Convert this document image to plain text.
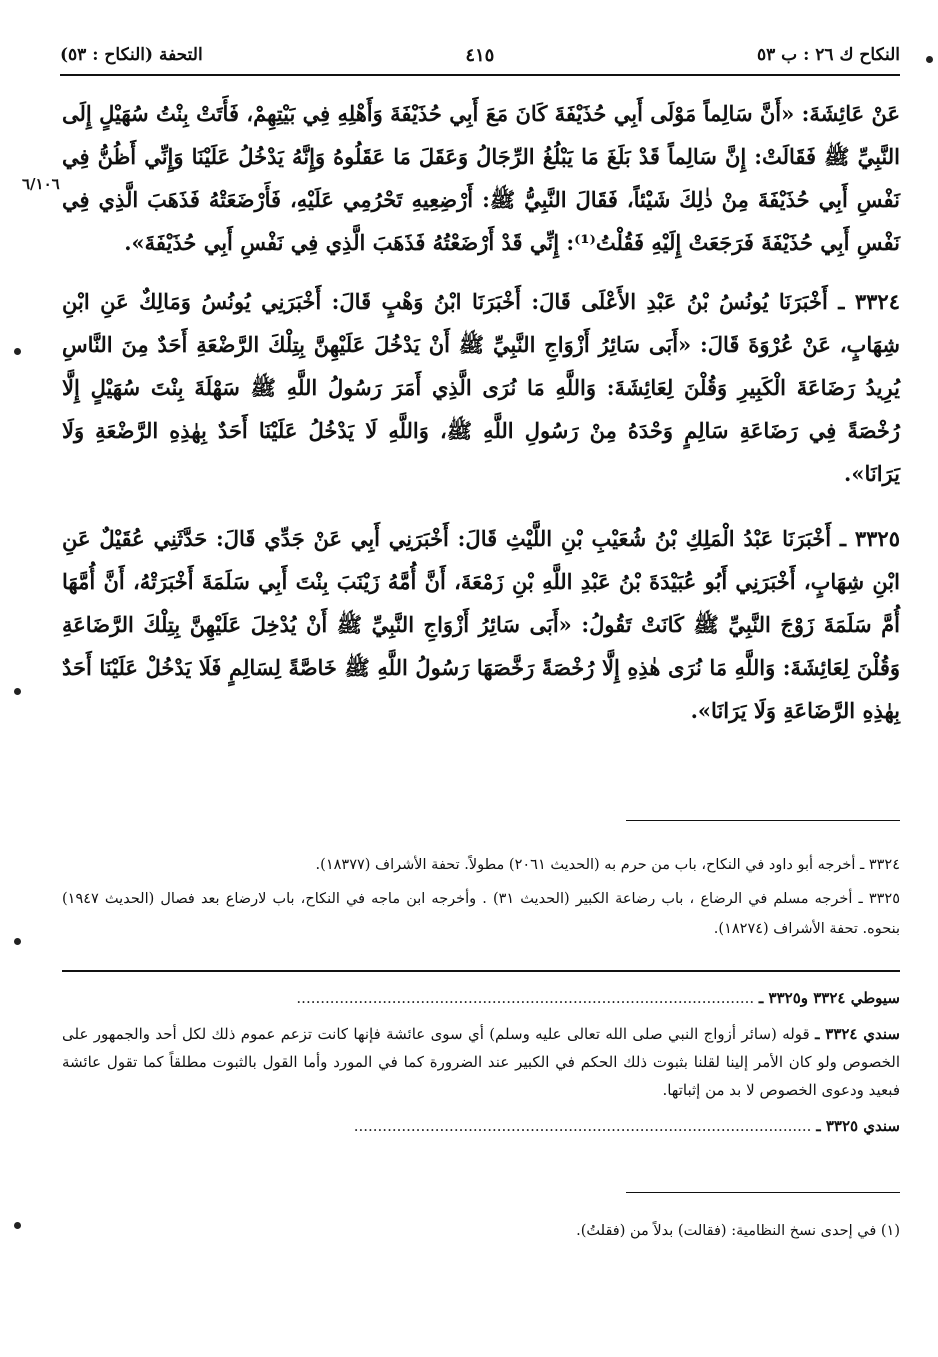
النكاح ك ٢٦ : ب ٥٣
٤١٥
التحفة (النكاح : ٥٣)
٦/١٠٦

عَنْ عَائِشَةَ: «أَنَّ سَالِماً مَوْلَى أَبِي حُذَيْفَةَ كَانَ مَعَ أَبِي حُذَيْفَةَ وَأَهْلِهِ فِي بَيْتِهِمْ، فَأَتَتْ بِنْتُ سُهَيْلٍ إِلَى النَّبِيِّ ﷺ فَقَالَتْ: إِنَّ سَالِماً قَدْ بَلَغَ مَا يَبْلُغُ الرِّجَالُ وَعَقَلَ مَا عَقَلُوهُ وَإِنَّهُ يَدْخُلُ عَلَيْنَا وَإِنِّي أَظُنُّ فِي نَفْسِ أَبِي حُذَيْفَةَ مِنْ ذٰلِكَ شَيْئاً، فَقَالَ النَّبِيُّ ﷺ: أَرْضِعِيهِ تَحْرُمِي عَلَيْهِ، فَأَرْضَعَتْهُ فَذَهَبَ الَّذِي فِي نَفْسِ أَبِي حُذَيْفَةَ فَرَجَعَتْ إِلَيْهِ فَقُلْتُ⁽¹⁾: إِنِّي قَدْ أَرْضَعْتُهُ فَذَهَبَ الَّذِي فِي نَفْسِ أَبِي حُذَيْفَةَ».

٣٣٢٤ ـ أَخْبَرَنَا يُونُسُ بْنُ عَبْدِ الأَعْلَى قَالَ: أَخْبَرَنَا ابْنُ وَهْبٍ قَالَ: أَخْبَرَنِي يُونُسُ وَمَالِكٌ عَنِ ابْنِ شِهَابٍ، عَنْ عُرْوَةَ قَالَ: «أَبَى سَائِرُ أَزْوَاجِ النَّبِيِّ ﷺ أَنْ يَدْخُلَ عَلَيْهِنَّ بِتِلْكَ الرَّضْعَةِ أَحَدٌ مِنَ النَّاسِ يُرِيدُ رَضَاعَةَ الْكَبِيرِ وَقُلْنَ لِعَائِشَةَ: وَاللَّهِ مَا نُرَى الَّذِي أَمَرَ رَسُولُ اللَّهِ ﷺ سَهْلَةَ بِنْتَ سُهَيْلٍ إِلَّا رُخْصَةً فِي رَضَاعَةِ سَالِمٍ وَحْدَهُ مِنْ رَسُولِ اللَّهِ ﷺ، وَاللَّهِ لَا يَدْخُلُ عَلَيْنَا أَحَدٌ بِهٰذِهِ الرَّضْعَةِ وَلَا يَرَانَا».

٣٣٢٥ ـ أَخْبَرَنَا عَبْدُ الْمَلِكِ بْنُ شُعَيْبِ بْنِ اللَّيْثِ قَالَ: أَخْبَرَنِي أَبِي عَنْ جَدِّي قَالَ: حَدَّثَنِي عُقَيْلٌ عَنِ ابْنِ شِهَابٍ، أَخْبَرَنِي أَبُو عُبَيْدَةَ بْنُ عَبْدِ اللَّهِ بْنِ زَمْعَةَ، أَنَّ أُمَّهُ زَيْنَبَ بِنْتَ أَبِي سَلَمَةَ أَخْبَرَتْهُ، أَنَّ أُمَّهَا أُمَّ سَلَمَةَ زَوْجَ النَّبِيِّ ﷺ كَانَتْ تَقُولُ: «أَبَى سَائِرُ أَزْوَاجِ النَّبِيِّ ﷺ أَنْ يُدْخِلَ عَلَيْهِنَّ بِتِلْكَ الرَّضَاعَةِ وَقُلْنَ لِعَائِشَةَ: وَاللَّهِ مَا نُرَى هٰذِهِ إِلَّا رُخْصَةً رَخَّصَهَا رَسُولُ اللَّهِ ﷺ خَاصَّةً لِسَالِمٍ فَلَا يَدْخُلْ عَلَيْنَا أَحَدٌ بِهٰذِهِ الرَّضَاعَةِ وَلَا يَرَانَا».

٣٣٢٤ ـ أخرجه أبو داود في النكاح، باب من حرم به (الحديث ٢٠٦١) مطولاً. تحفة الأشراف (١٨٣٧٧).

٣٣٢٥ ـ أخرجه مسلم في الرضاع ، باب رضاعة الكبير (الحديث ٣١) . وأخرجه ابن ماجه في النكاح، باب لارضاع بعد فصال (الحديث ١٩٤٧) بنحوه. تحفة الأشراف (١٨٢٧٤).

سيوطي ٣٣٢٤ و٣٣٢٥ ـ ................................................................................................

سندي ٣٣٢٤ ـ قوله (سائر أزواج النبي صلى الله تعالى عليه وسلم) أي سوى عائشة فإنها كانت تزعم عموم ذلك لكل أحد والجمهور على الخصوص ولو كان الأمر إلينا لقلنا بثبوت ذلك الحكم في الكبير عند الضرورة كما في المورد وأما القول بالثبوت مطلقاً كما تقول عائشة فبعيد ودعوى الخصوص لا بد من إثباتها.

سندي ٣٣٢٥ ـ ................................................................................................

(١) في إحدى نسخ النظامية: (فقالت) بدلاً من (فقلتُ).
